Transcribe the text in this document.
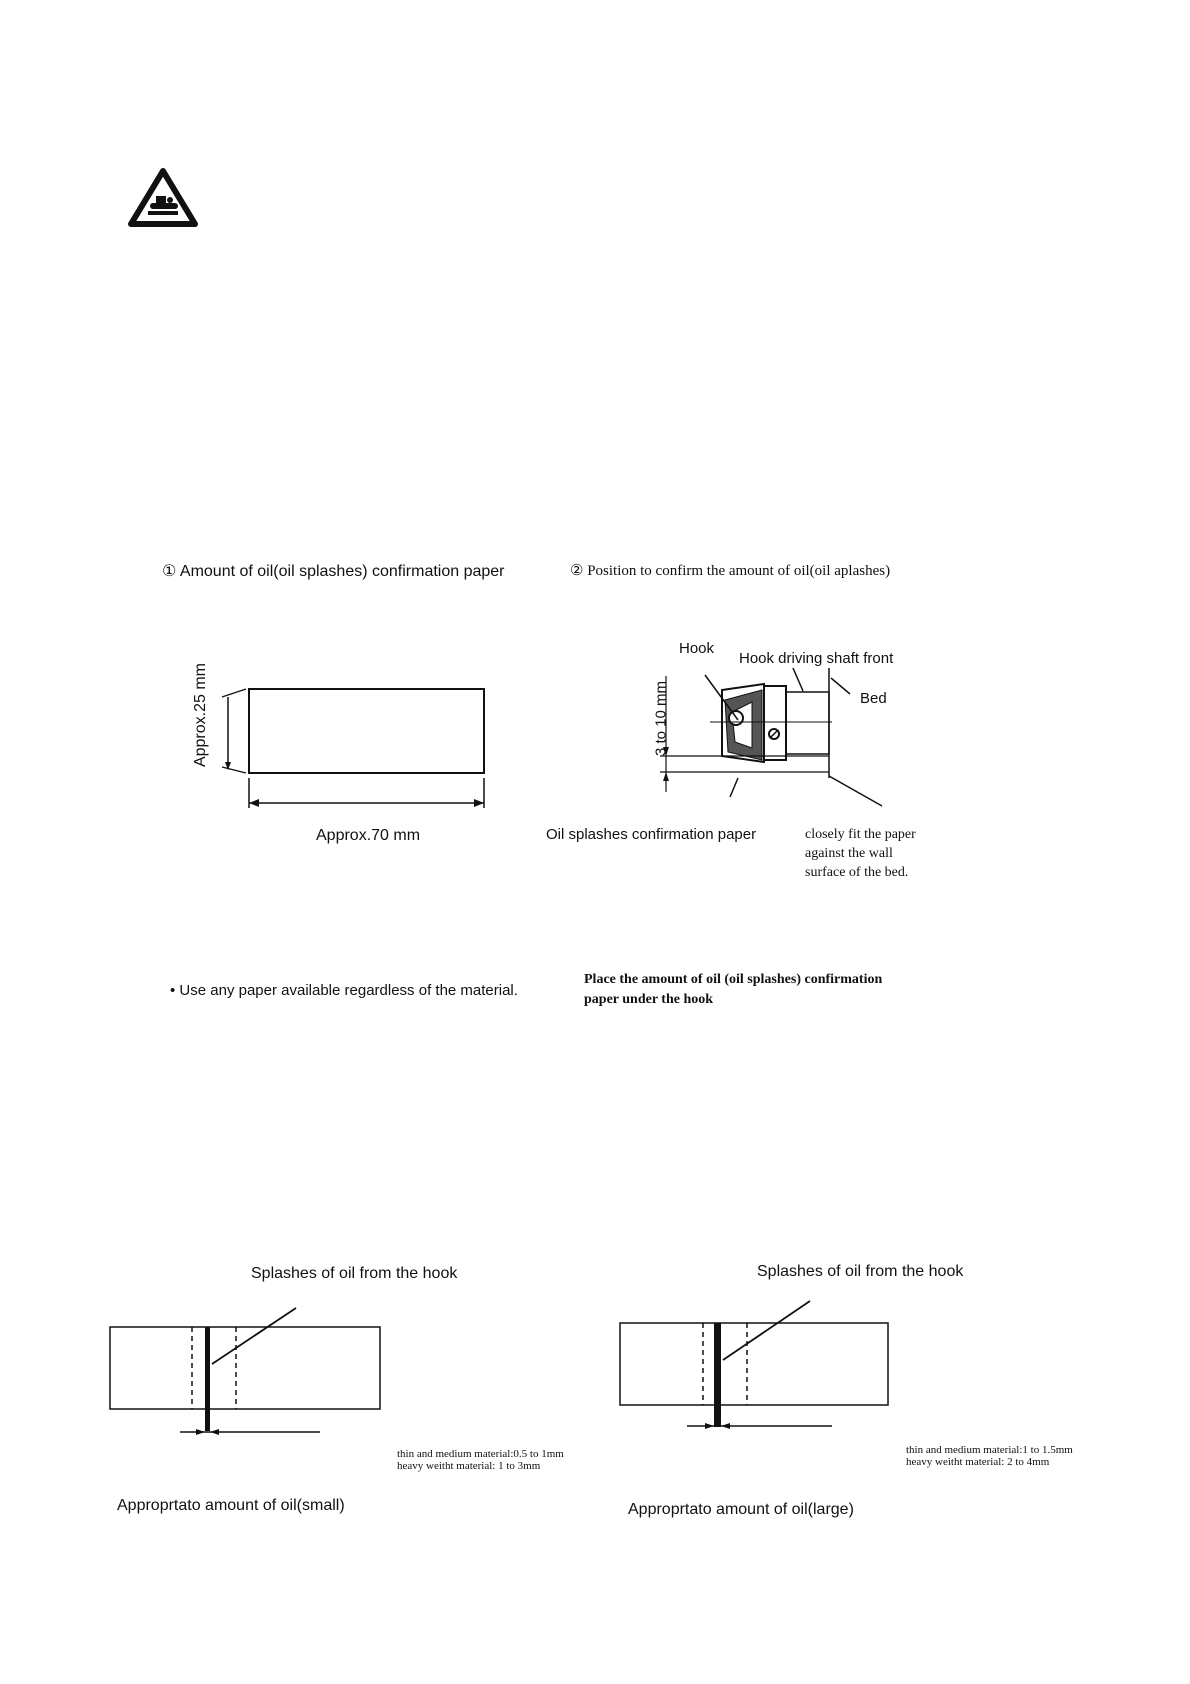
① Amount of oil(oil splashes) confirmation paper
Approx.25 mm
Approx.70 mm
• Use any paper available regardless of the material.
② Position to confirm the amount of oil(oil aplashes)
Hook
Hook driving shaft front
Bed
3 to 10 mm
Oil splashes confirmation paper	closely fit the paper
against the wall
surface of the bed.
Place the amount of oil (oil splashes) confirmation
paper under the hook
Splashes of oil from the hook
thin and medium material:0.5 to 1mm
heavy weitht material: 1 to 3mm
Approprtato amount of oil(small)
Splashes of oil from the hook
thin and medium material:1 to 1.5mm
heavy weitht material: 2 to 4mm
Approprtato amount of oil(large)
